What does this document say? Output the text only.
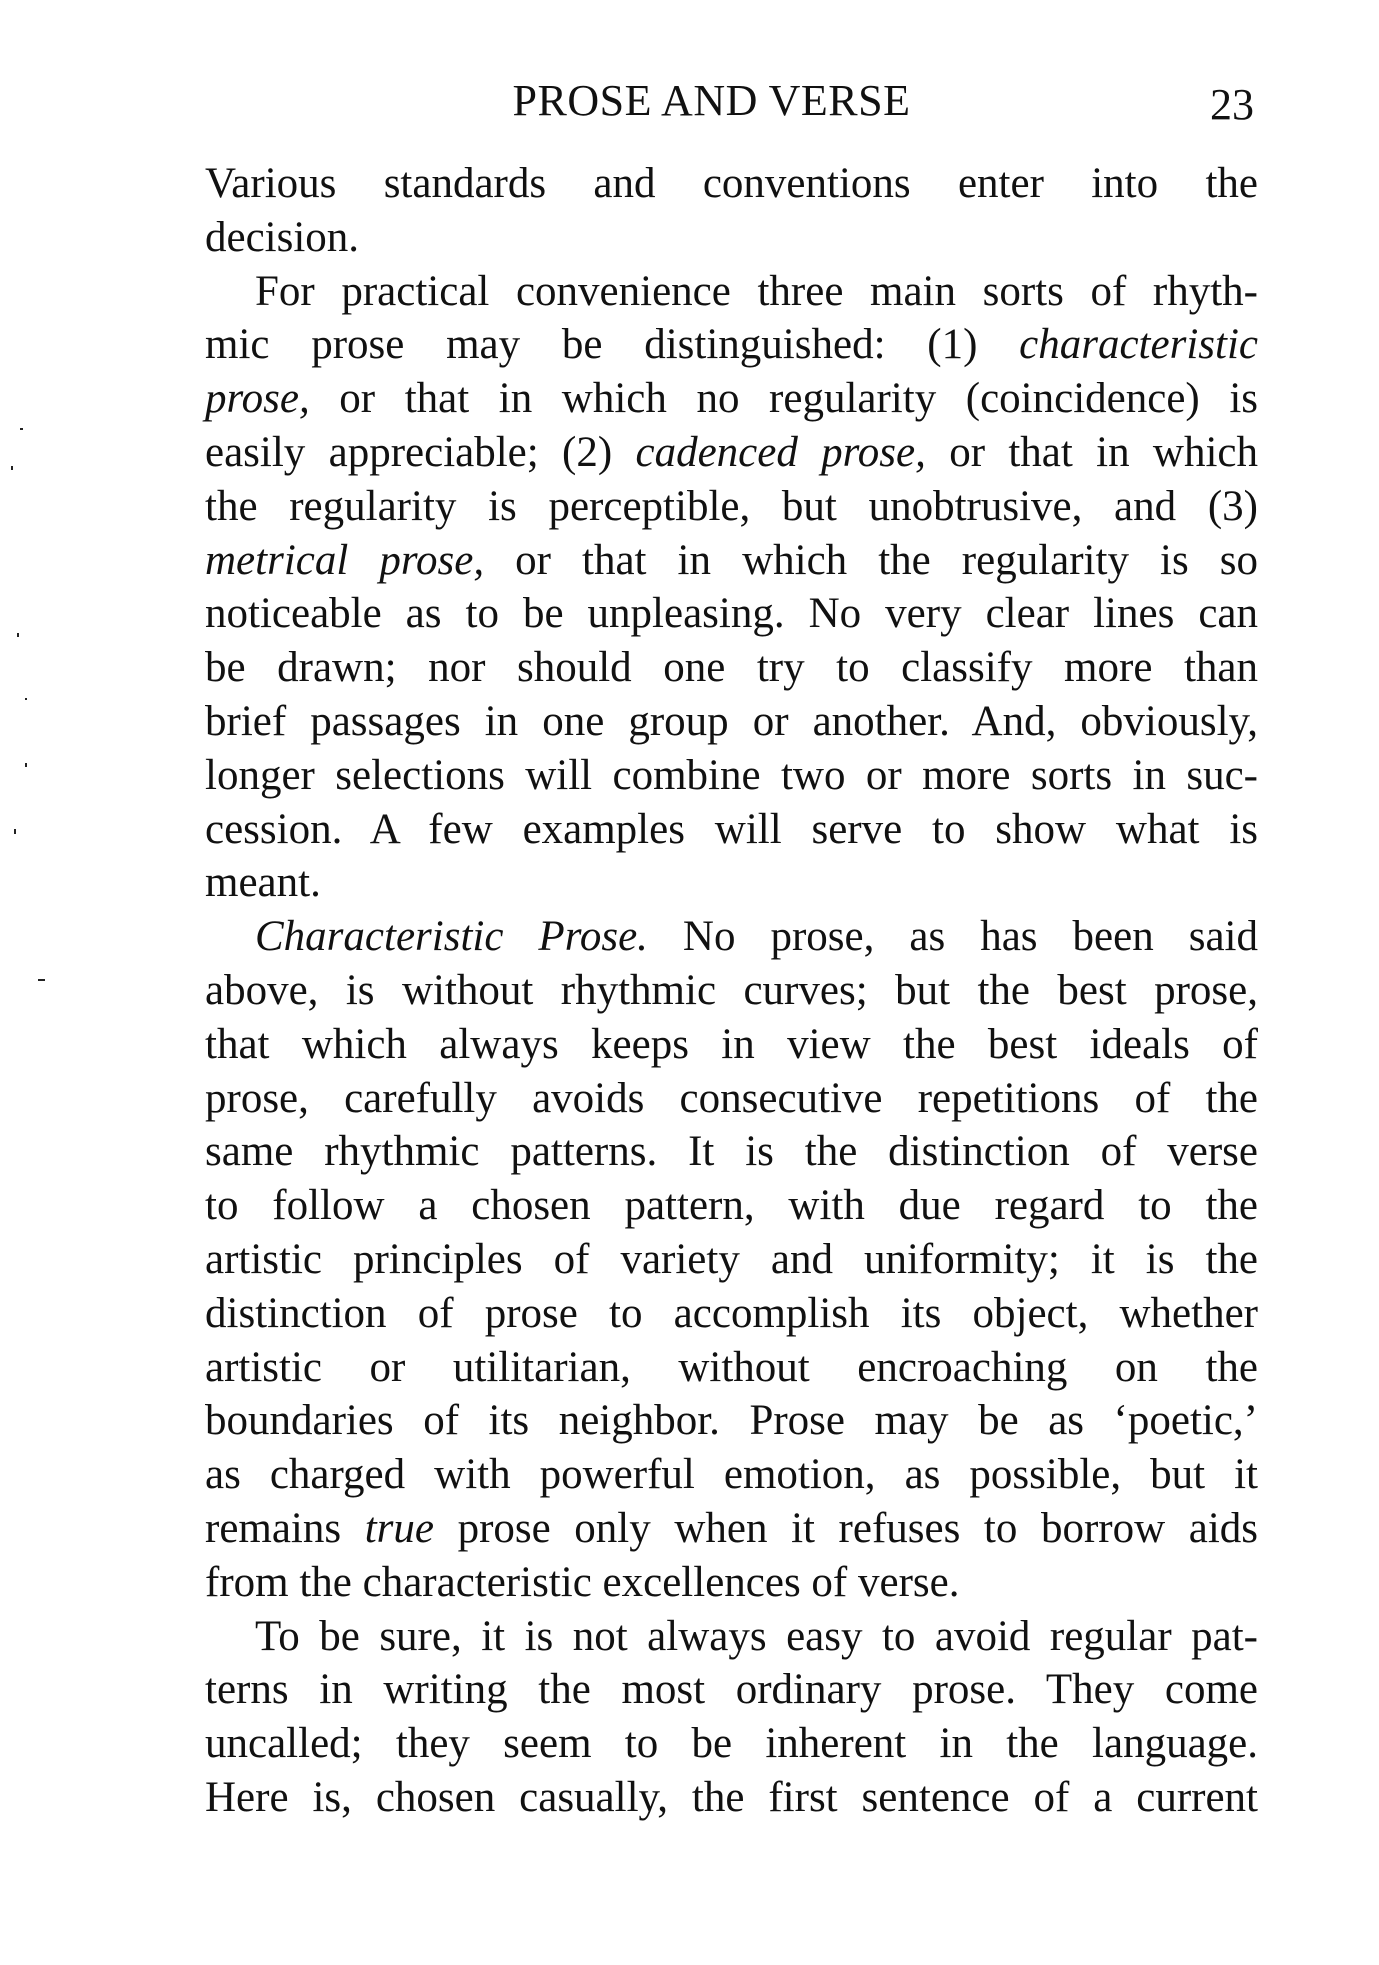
PROSE AND VERSE	23
Various standards and conventions enter into the
decision.
For practical convenience three main sorts of rhyth-
mic prose may be distinguished: (1) characteristic
prose, or that in which no regularity (coincidence) is
easily appreciable; (2) cadenced prose, or that in which
the regularity is perceptible, but unobtrusive, and (3)
metrical prose, or that in which the regularity is so
noticeable as to be unpleasing. No very clear lines can
be drawn; nor should one try to classify more than
brief passages in one group or another. And, obviously,
longer selections will combine two or more sorts in suc-
cession. A few examples will serve to show what is
meant.
Characteristic Prose. No prose, as has been said
above, is without rhythmic curves; but the best prose,
that which always keeps in view the best ideals of
prose, carefully avoids consecutive repetitions of the
same rhythmic patterns. It is the distinction of verse
to follow a chosen pattern, with due regard to the
artistic principles of variety and uniformity; it is the
distinction of prose to accomplish its object, whether
artistic or utilitarian, without encroaching on the
boundaries of its neighbor. Prose may be as ‘poetic,’
as charged with powerful emotion, as possible, but it
remains true prose only when it refuses to borrow aids
from the characteristic excellences of verse.
To be sure, it is not always easy to avoid regular pat-
terns in writing the most ordinary prose. They come
uncalled; they seem to be inherent in the language.
Here is, chosen casually, the first sentence of a current
